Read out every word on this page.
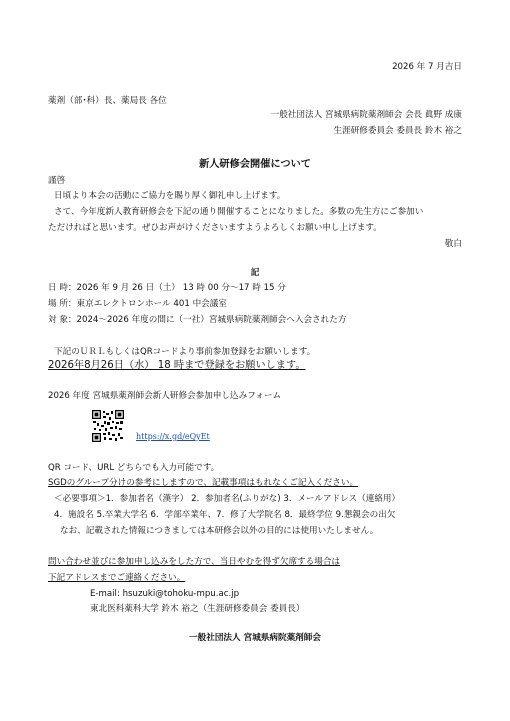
2026 年 7 月吉日
薬剤（部･科）長、薬局長 各位
一般社団法人 宮城県病院薬剤師会 会長 眞野 成康
生涯研修委員会 委員長 鈴木 裕之
新人研修会開催について
謹啓
日頃より本会の活動にご協力を賜り厚く御礼申し上げます。
さて、今年度新人教育研修会を下記の通り開催することになりました。多数の先生方にご参加い
ただければと思います。ぜひお声がけくださいますようよろしくお願い申し上げます。
敬白
記
日 時：2026 年 9 月 26 日（土） 13 時 00 分～17 時 15 分
場 所：東京エレクトロンホール 401 中会議室
対 象：2024～2026 年度の間に（一社）宮城県病院薬剤師会へ入会された方
下記のＵＲＬもしくはQRコードより事前参加登録をお願いします。
2026年8月26日（水） 18 時まで登録をお願いします。
2026 年度 宮城県薬剤師会新人研修会参加申し込みフォーム
https://x.gd/eQyEt
QR コード、URL どちらでも入力可能です。
SGDのグループ分けの参考にしますので、記載事項はもれなくご記入ください。
＜必要事項＞1．参加者名（漢字） 2．参加者名(ふりがな) 3．メールアドレス（連絡用）
4．施設名 5.卒業大学名 6．学部卒業年、7．修了大学院名 8．最終学位 9.懇親会の出欠
なお、記載された情報につきましては本研修会以外の目的には使用いたしません。
問い合わせ並びに参加申し込みをした方で、当日やむを得ず欠席する場合は
下記アドレスまでご連絡ください。
E-mail: hsuzuki@tohoku-mpu.ac.jp
東北医科薬科大学 鈴木 裕之（生涯研修委員会 委員長）
一般社団法人 宮城県病院薬剤師会
